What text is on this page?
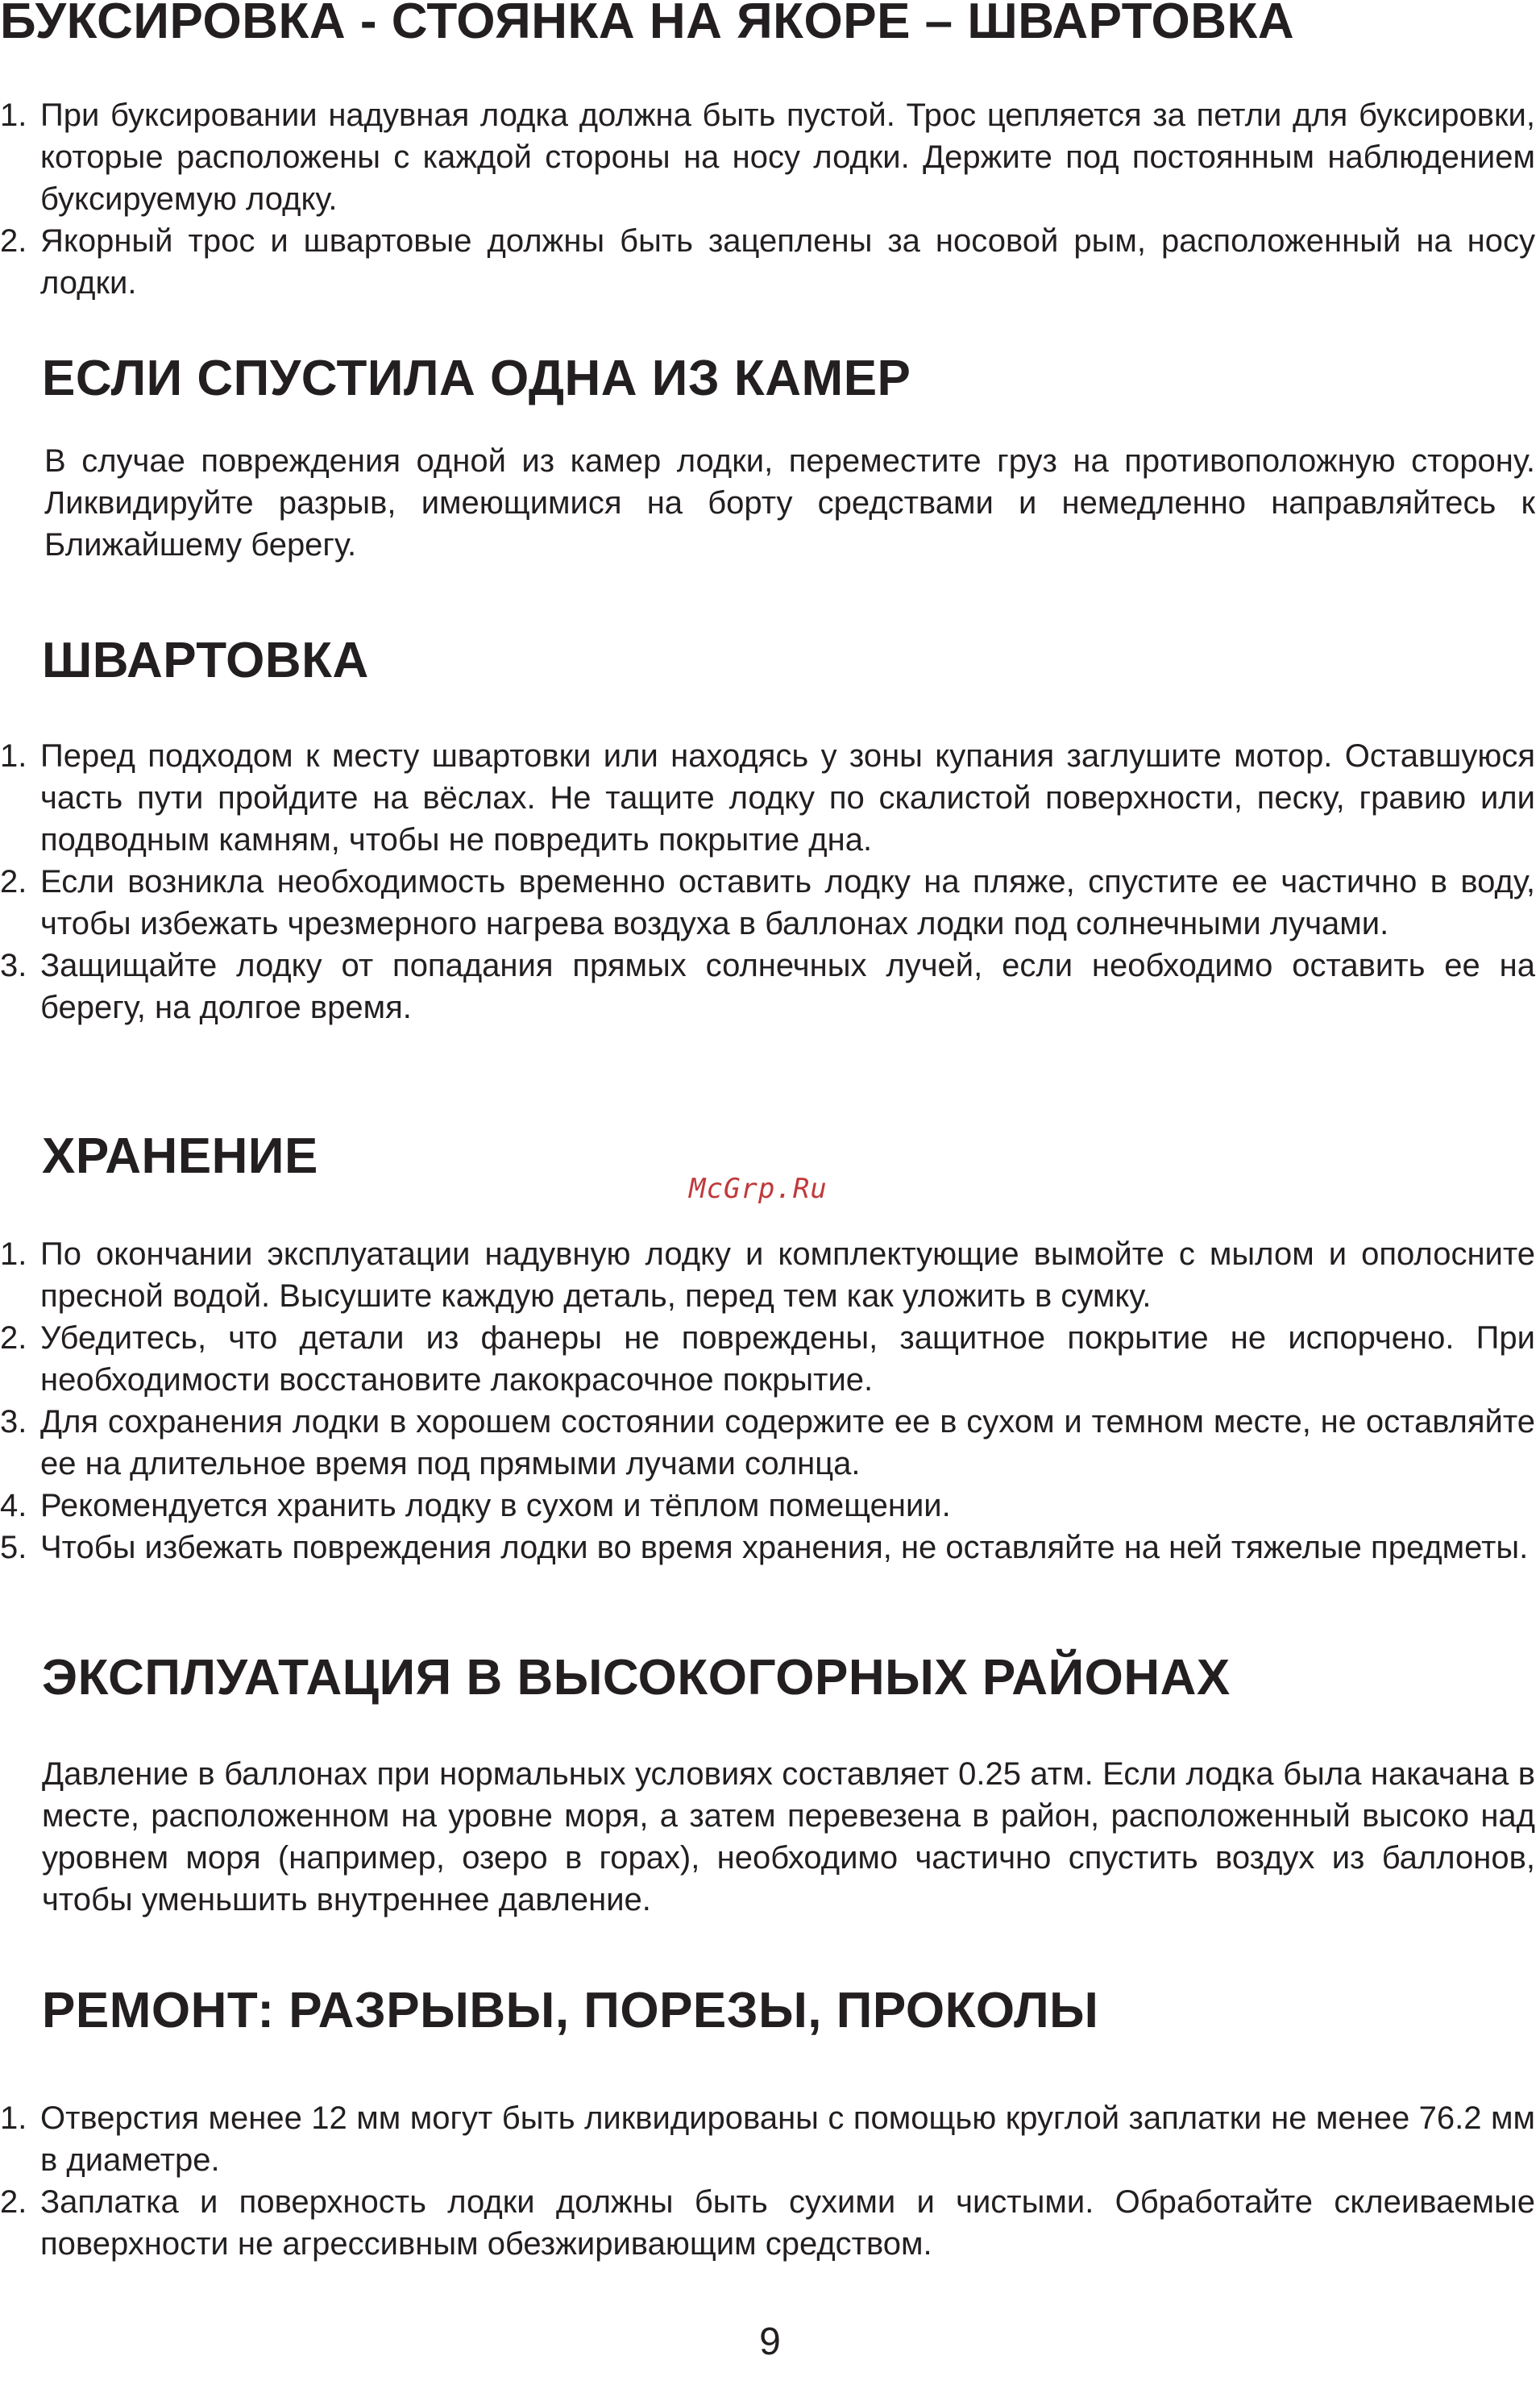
БУКСИРОВКА - СТОЯНКА НА ЯКОРЕ – ШВАРТОВКА
1. При буксировании надувная лодка должна быть пустой. Трос цепляется за петли для буксировки, которые расположены с каждой стороны на носу лодки. Держите под постоянным наблюдением буксируемую лодку.
2. Якорный трос и швартовые должны быть зацеплены за носовой рым, расположенный на носу лодки.
ЕСЛИ СПУСТИЛА ОДНА ИЗ КАМЕР

В случае повреждения одной из камер лодки, переместите груз на противоположную сторону. Ликвидируйте разрыв, имеющимися на борту средствами и немедленно направляйтесь к Ближайшему берегу.

ШВАРТОВКА
1. Перед подходом к месту швартовки или находясь у зоны купания заглушите мотор. Оставшуюся часть пути пройдите на вёслах. Не тащите лодку по скалистой поверхности, песку, гравию или подводным камням, чтобы не повредить покрытие дна.
2. Если возникла необходимость временно оставить лодку на пляже, спустите ее частично в воду, чтобы избежать чрезмерного нагрева воздуха в баллонах лодки под солнечными лучами.
3. Защищайте лодку от попадания прямых солнечных лучей, если необходимо оставить ее на берегу, на долгое время.
ХРАНЕНИЕ
McGrp.Ru
1. По окончании эксплуатации надувную лодку и комплектующие вымойте с мылом и ополосните пресной водой. Высушите каждую деталь, перед тем как уложить в сумку.
2. Убедитесь, что детали из фанеры не повреждены, защитное покрытие не испорчено. При необходимости восстановите лакокрасочное покрытие.
3. Для сохранения лодки в хорошем состоянии содержите ее в сухом и темном месте, не оставляйте ее на длительное время под прямыми лучами солнца.
4. Рекомендуется хранить лодку в сухом и тёплом помещении.
5. Чтобы избежать повреждения лодки во время хранения, не оставляйте на ней тяжелые предметы.
ЭКСПЛУАТАЦИЯ В ВЫСОКОГОРНЫХ РАЙОНАХ

Давление в баллонах при нормальных условиях составляет 0.25 атм. Если лодка была накачана в месте, расположенном на уровне моря, а затем перевезена в район, расположенный высоко над уровнем моря (например, озеро в горах), необходимо частично спустить воздух из баллонов, чтобы уменьшить внутреннее давление.

РЕМОНТ: РАЗРЫВЫ, ПОРЕЗЫ, ПРОКОЛЫ
1. Отверстия менее 12 мм могут быть ликвидированы с помощью круглой заплатки не менее 76.2 мм в диаметре.
2. Заплатка и поверхность лодки должны быть сухими и чистыми. Обработайте склеиваемые поверхности не агрессивным обезжиривающим средством.
9
